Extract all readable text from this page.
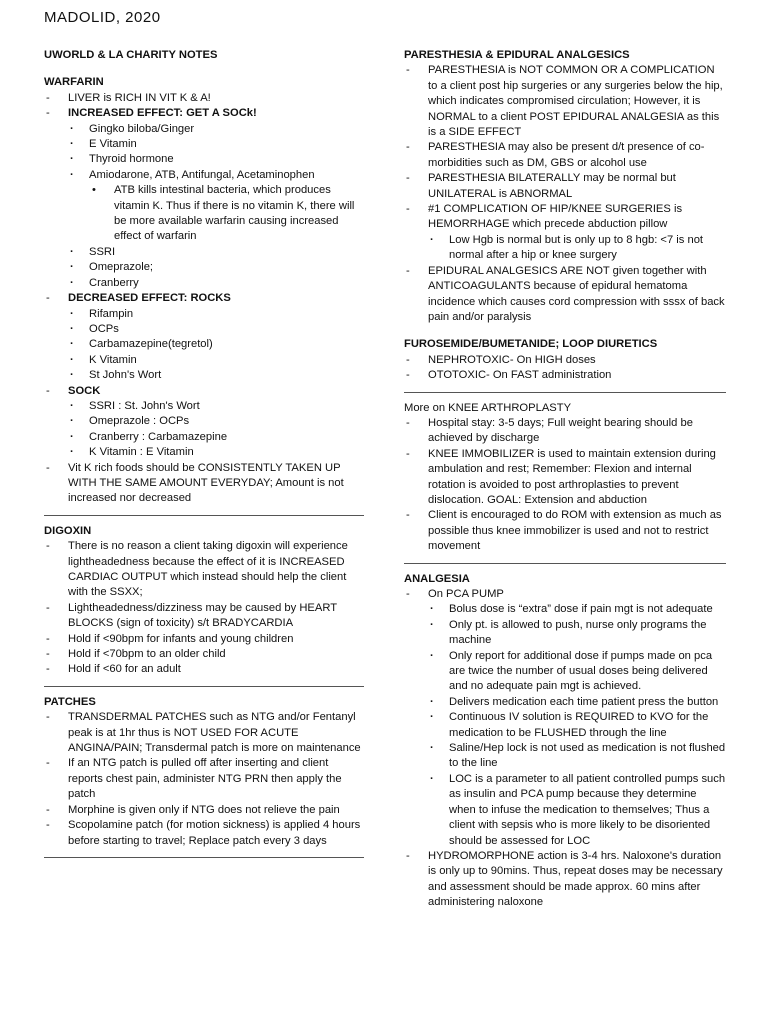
MADOLID, 2020
UWORLD & LA CHARITY NOTES
WARFARIN
- LIVER is RICH IN VIT K & A!
- INCREASED EFFECT: GET A SOCk!
· Gingko biloba/Ginger
· E Vitamin
· Thyroid hormone
· Amiodarone, ATB, Antifungal, Acetaminophen
• ATB kills intestinal bacteria, which produces vitamin K. Thus if there is no vitamin K, there will be more available warfarin causing increased effect of warfarin
· SSRI
· Omeprazole;
· Cranberry
- DECREASED EFFECT: ROCKS
· Rifampin
· OCPs
· Carbamazepine(tegretol)
· K Vitamin
· St John's Wort
- SOCK
· SSRI : St. John's Wort
· Omeprazole : OCPs
· Cranberry : Carbamazepine
· K Vitamin : E Vitamin
- Vit K rich foods should be CONSISTENTLY TAKEN UP WITH THE SAME AMOUNT EVERYDAY; Amount is not increased nor decreased
DIGOXIN
- There is no reason a client taking digoxin will experience lightheadedness because the effect of it is INCREASED CARDIAC OUTPUT which instead should help the client with the SSXX;
- Lightheadedness/dizziness may be caused by HEART BLOCKS (sign of toxicity) s/t BRADYCARDIA
- Hold if <90bpm for infants and young children
- Hold if <70bpm to an older child
- Hold if <60 for an adult
PATCHES
- TRANSDERMAL PATCHES such as NTG and/or Fentanyl peak is at 1hr thus is NOT USED FOR ACUTE ANGINA/PAIN; Transdermal patch is more on maintenance
- If an NTG patch is pulled off after inserting and client reports chest pain, administer NTG PRN then apply the patch
- Morphine is given only if NTG does not relieve the pain
- Scopolamine patch (for motion sickness) is applied 4 hours before starting to travel; Replace patch every 3 days
PARESTHESIA & EPIDURAL ANALGESICS
- PARESTHESIA is NOT COMMON OR A COMPLICATION to a client post hip surgeries or any surgeries below the hip, which indicates compromised circulation; However, it is NORMAL to a client POST EPIDURAL ANALGESIA as this is a SIDE EFFECT
- PARESTHESIA may also be present d/t presence of co-morbidities such as DM, GBS or alcohol use
- PARESTHESIA BILATERALLY may be normal but UNILATERAL is ABNORMAL
- #1 COMPLICATION OF HIP/KNEE SURGERIES is HEMORRHAGE which precede abduction pillow
· Low Hgb is normal but is only up to 8 hgb: <7 is not normal after a hip or knee surgery
- EPIDURAL ANALGESICS ARE NOT given together with ANTICOAGULANTS because of epidural hematoma incidence which causes cord compression with sssx of back pain and/or paralysis
FUROSEMIDE/BUMETANIDE; LOOP DIURETICS
- NEPHROTOXIC- On HIGH doses
- OTOTOXIC- On FAST administration
More on KNEE ARTHROPLASTY
- Hospital stay: 3-5 days; Full weight bearing should be achieved by discharge
- KNEE IMMOBILIZER is used to maintain extension during ambulation and rest; Remember: Flexion and internal rotation is avoided to post arthroplasties to prevent dislocation. GOAL: Extension and abduction
- Client is encouraged to do ROM with extension as much as possible thus knee immobilizer is used and not to restrict movement
ANALGESIA
- On PCA PUMP
· Bolus dose is “extra” dose if pain mgt is not adequate
· Only pt. is allowed to push, nurse only programs the machine
· Only report for additional dose if pumps made on pca are twice the number of usual doses being delivered and no adequate pain mgt is achieved.
· Delivers medication each time patient press the button
· Continuous IV solution is REQUIRED to KVO for the medication to be FLUSHED through the line
· Saline/Hep lock is not used as medication is not flushed to the line
· LOC is a parameter to all patient controlled pumps such as insulin and PCA pump because they determine when to infuse the medication to themselves; Thus a client with sepsis who is more likely to be disoriented should be assessed for LOC
- HYDROMORPHONE action is 3-4 hrs. Naloxone's duration is only up to 90mins. Thus, repeat doses may be necessary and assessment should be made approx. 60 mins after administering naloxone
